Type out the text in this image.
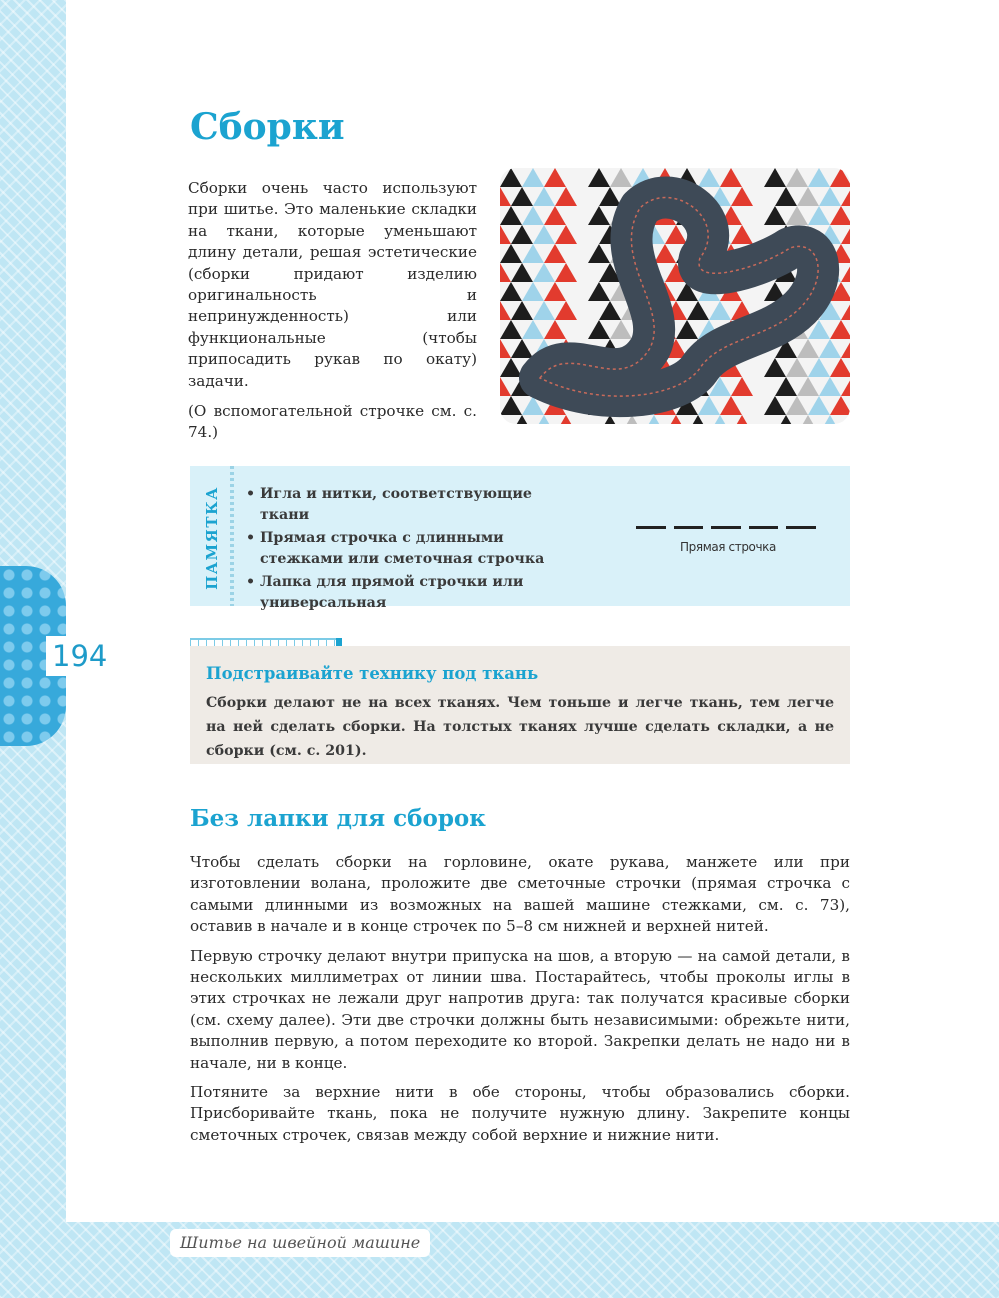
194
Шитье на швейной машине
Сборки

Сборки очень часто используют при шитье. Это маленькие складки на ткани, которые уменьшают длину детали, решая эстетические (сборки придают изделию оригинальность и непринужденность) или функциональные (чтобы припосадить рукав по окату) задачи.

(О вспомогательной строчке см. с. 74.)

ПАМЯТКА
•	Игла и нитки, соответствующие ткани
• Прямая строчка с длинными стежками или сметочная строчка
• Лапка для прямой строчки или универсальная
Прямая строчка
Подстраивайте технику под ткань

Сборки делают не на всех тканях. Чем тоньше и легче ткань, тем легче на ней сделать сборки. На толстых тканях лучше сделать складки, а не сборки (см. с. 201).

Без лапки для сборок

Чтобы сделать сборки на горловине, окате рукава, манжете или при изготовлении волана, проложите две сметочные строчки (прямая строчка с самыми длинными из возможных на вашей машине стежками, см. с. 73), оставив в начале и в конце строчек по 5–8 см нижней и верхней нитей.

Первую строчку делают внутри припуска на шов, а вторую — на самой детали, в нескольких миллиметрах от линии шва. Постарайтесь, чтобы проколы иглы в этих строчках не лежали друг напротив друга: так получатся красивые сборки (см. схему далее). Эти две строчки должны быть независимыми: обрежьте нити, выполнив первую, а потом переходите ко второй. Закрепки делать не надо ни в начале, ни в конце.

Потяните за верхние нити в обе стороны, чтобы образовались сборки. Присборивайте ткань, пока не получите нужную длину. Закрепите концы сметочных строчек, связав между собой верхние и нижние нити.
